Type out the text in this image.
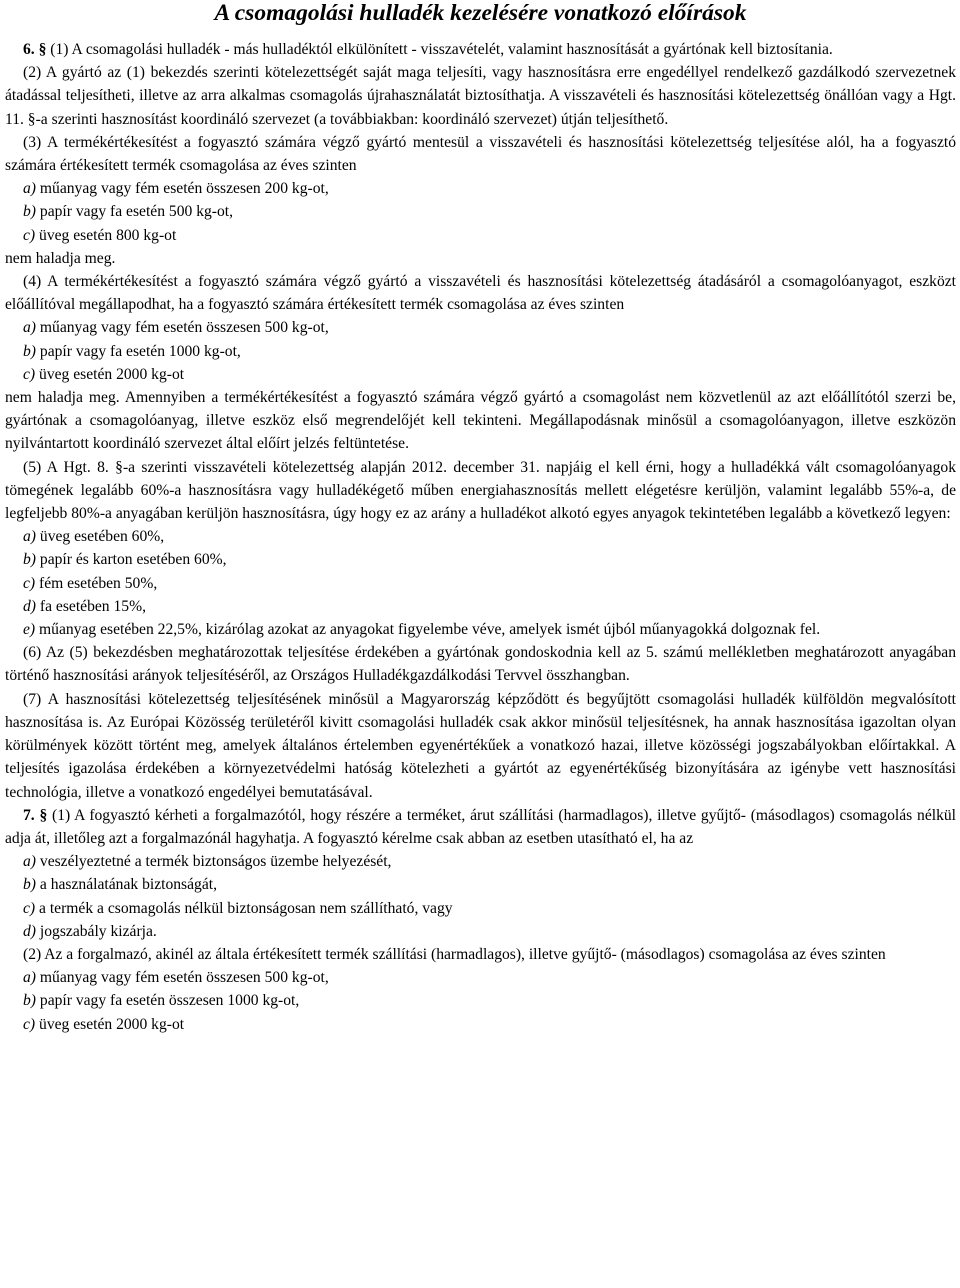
A csomagolási hulladék kezelésére vonatkozó előírások

6. § (1) A csomagolási hulladék - más hulladéktól elkülönített - visszavételét, valamint hasznosítását a gyártónak kell biztosítania.

(2) A gyártó az (1) bekezdés szerinti kötelezettségét saját maga teljesíti, vagy hasznosításra erre engedéllyel rendelkező gazdálkodó szervezetnek átadással teljesítheti, illetve az arra alkalmas csomagolás újrahasználatát biztosíthatja. A visszavételi és hasznosítási kötelezettség önállóan vagy a Hgt. 11. §-a szerinti hasznosítást koordináló szervezet (a továbbiakban: koordináló szervezet) útján teljesíthető.

(3) A termékértékesítést a fogyasztó számára végző gyártó mentesül a visszavételi és hasznosítási kötelezettség teljesítése alól, ha a fogyasztó számára értékesített termék csomagolása az éves szinten

a) műanyag vagy fém esetén összesen 200 kg-ot,
b) papír vagy fa esetén 500 kg-ot,
c) üveg esetén 800 kg-ot

nem haladja meg.

(4) A termékértékesítést a fogyasztó számára végző gyártó a visszavételi és hasznosítási kötelezettség átadásáról a csomagolóanyagot, eszközt előállítóval megállapodhat, ha a fogyasztó számára értékesített termék csomagolása az éves szinten

a) műanyag vagy fém esetén összesen 500 kg-ot,
b) papír vagy fa esetén 1000 kg-ot,
c) üveg esetén 2000 kg-ot

nem haladja meg. Amennyiben a termékértékesítést a fogyasztó számára végző gyártó a csomagolást nem közvetlenül az azt előállítótól szerzi be, gyártónak a csomagolóanyag, illetve eszköz első megrendelőjét kell tekinteni. Megállapodásnak minősül a csomagolóanyagon, illetve eszközön nyilvántartott koordináló szervezet által előírt jelzés feltüntetése.

(5) A Hgt. 8. §-a szerinti visszavételi kötelezettség alapján 2012. december 31. napjáig el kell érni, hogy a hulladékká vált csomagolóanyagok tömegének legalább 60%-a hasznosításra vagy hulladékégető műben energiahasznosítás mellett elégetésre kerüljön, valamint legalább 55%-a, de legfeljebb 80%-a anyagában kerüljön hasznosításra, úgy hogy ez az arány a hulladékot alkotó egyes anyagok tekintetében legalább a következő legyen:

a) üveg esetében 60%,
b) papír és karton esetében 60%,
c) fém esetében 50%,
d) fa esetében 15%,

e) műanyag esetében 22,5%, kizárólag azokat az anyagokat figyelembe véve, amelyek ismét újból műanyagokká dolgoznak fel.

(6) Az (5) bekezdésben meghatározottak teljesítése érdekében a gyártónak gondoskodnia kell az 5. számú mellékletben meghatározott anyagában történő hasznosítási arányok teljesítéséről, az Országos Hulladékgazdálkodási Tervvel összhangban.

(7) A hasznosítási kötelezettség teljesítésének minősül a Magyarország képződött és begyűjtött csomagolási hulladék külföldön megvalósított hasznosítása is. Az Európai Közösség területéről kivitt csomagolási hulladék csak akkor minősül teljesítésnek, ha annak hasznosítása igazoltan olyan körülmények között történt meg, amelyek általános értelemben egyenértékűek a vonatkozó hazai, illetve közösségi jogszabályokban előírtakkal. A teljesítés igazolása érdekében a környezetvédelmi hatóság kötelezheti a gyártót az egyenértékűség bizonyítására az igénybe vett hasznosítási technológia, illetve a vonatkozó engedélyei bemutatásával.

7. § (1) A fogyasztó kérheti a forgalmazótól, hogy részére a terméket, árut szállítási (harmadlagos), illetve gyűjtő- (másodlagos) csomagolás nélkül adja át, illetőleg azt a forgalmazónál hagyhatja. A fogyasztó kérelme csak abban az esetben utasítható el, ha az

a) veszélyeztetné a termék biztonságos üzembe helyezését,
b) a használatának biztonságát,
c) a termék a csomagolás nélkül biztonságosan nem szállítható, vagy
d) jogszabály kizárja.

(2) Az a forgalmazó, akinél az általa értékesített termék szállítási (harmadlagos), illetve gyűjtő- (másodlagos) csomagolása az éves szinten

a) műanyag vagy fém esetén összesen 500 kg-ot,
b) papír vagy fa esetén összesen 1000 kg-ot,
c) üveg esetén 2000 kg-ot
